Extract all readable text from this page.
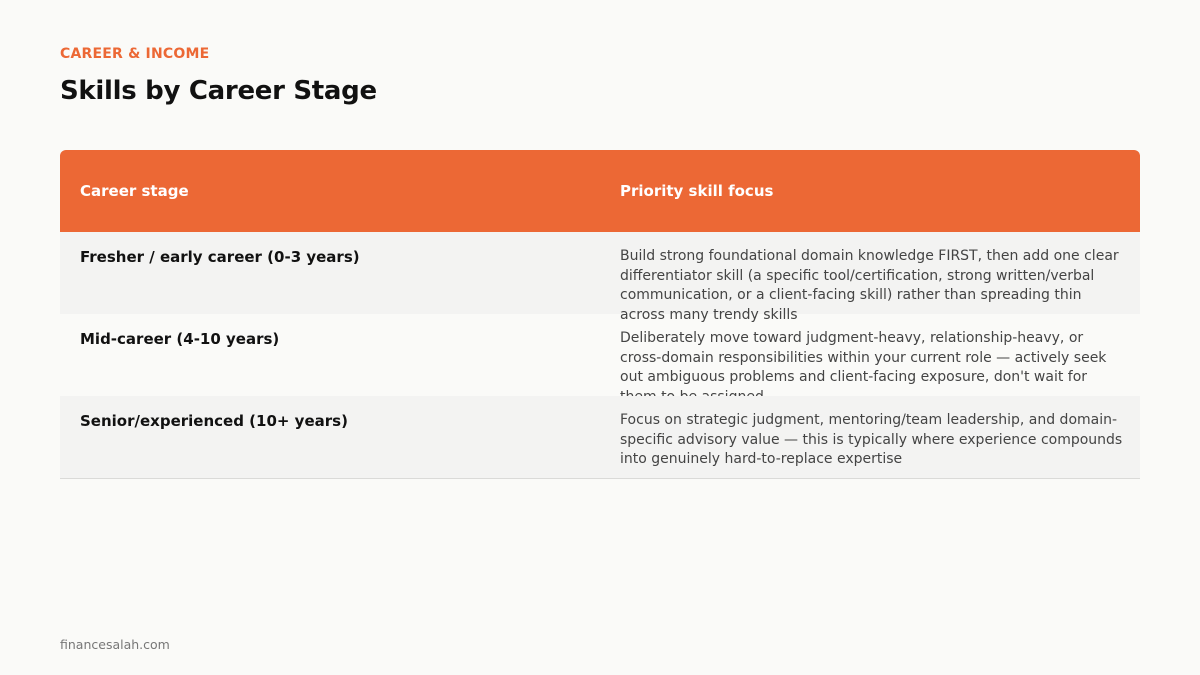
CAREER & INCOME
Skills by Career Stage
Career stage	Priority skill focus
Fresher / early career (0-3 years)	Build strong foundational domain knowledge FIRST, then add one clear differentiator skill (a specific tool/certification, strong written/verbal communication, or a client-facing skill) rather than spreading thin across many trendy skills
Mid-career (4-10 years)	Deliberately move toward judgment-heavy, relationship-heavy, or cross-domain responsibilities within your current role — actively seek out ambiguous problems and client-facing exposure, don't wait for
Senior/experienced (10+ years)	Focus on strategic judgment, mentoring/team leadership, and domain-specific advisory value — this is typically where experience compounds into genuinely hard-to-replace expertise
financesalah.com
